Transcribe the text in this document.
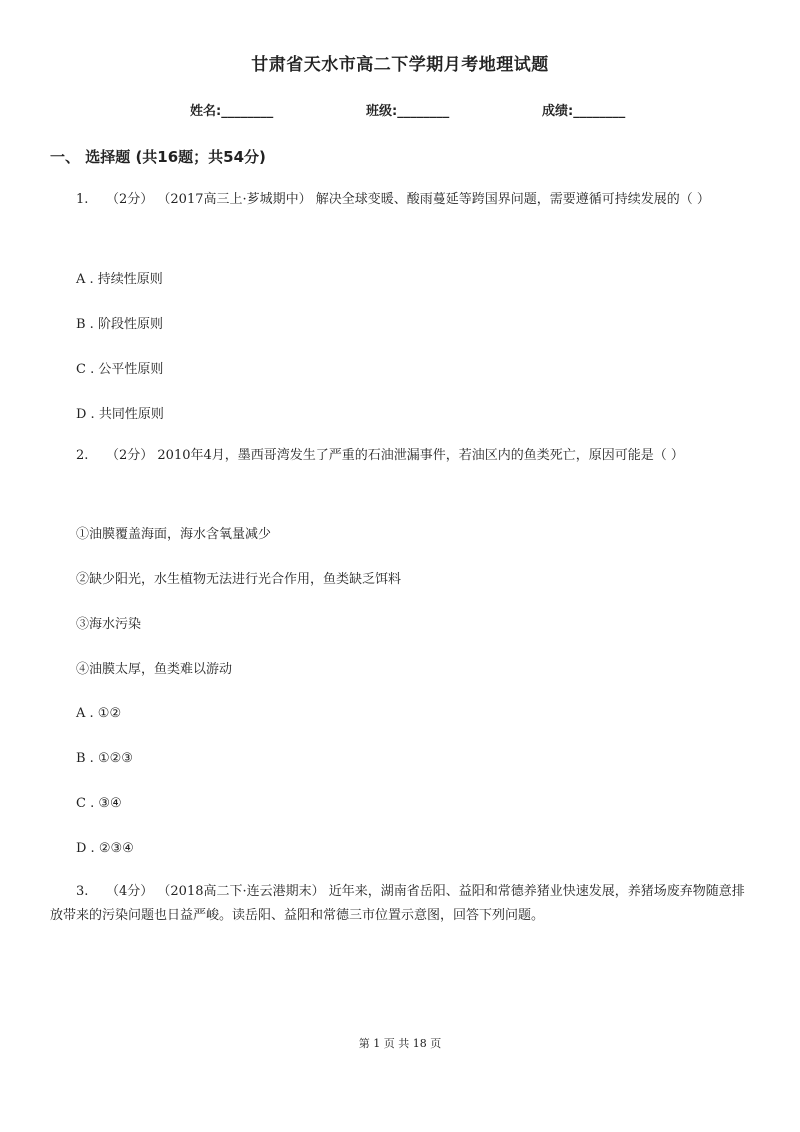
甘肃省天水市高二下学期月考地理试题
姓名:________	班级:________	成绩:________
一、 选择题 (共16题；共54分)
1. （2分） （2017高三上·芗城期中） 解决全球变暖、酸雨蔓延等跨国界问题，需要遵循可持续发展的（ ）
A . 持续性原则
B . 阶段性原则
C . 公平性原则
D . 共同性原则
2. （2分） 2010年4月，墨西哥湾发生了严重的石油泄漏事件，若油区内的鱼类死亡，原因可能是（ ）
①油膜覆盖海面，海水含氧量减少
②缺少阳光，水生植物无法进行光合作用，鱼类缺乏饵料
③海水污染
④油膜太厚，鱼类难以游动
A . ①②
B . ①②③
C . ③④
D . ②③④
3. （4分） （2018高二下·连云港期末） 近年来，湖南省岳阳、益阳和常德养猪业快速发展，养猪场废弃物随意排放带来的污染问题也日益严峻。读岳阳、益阳和常德三市位置示意图，回答下列问题。
第 1 页 共 18 页
